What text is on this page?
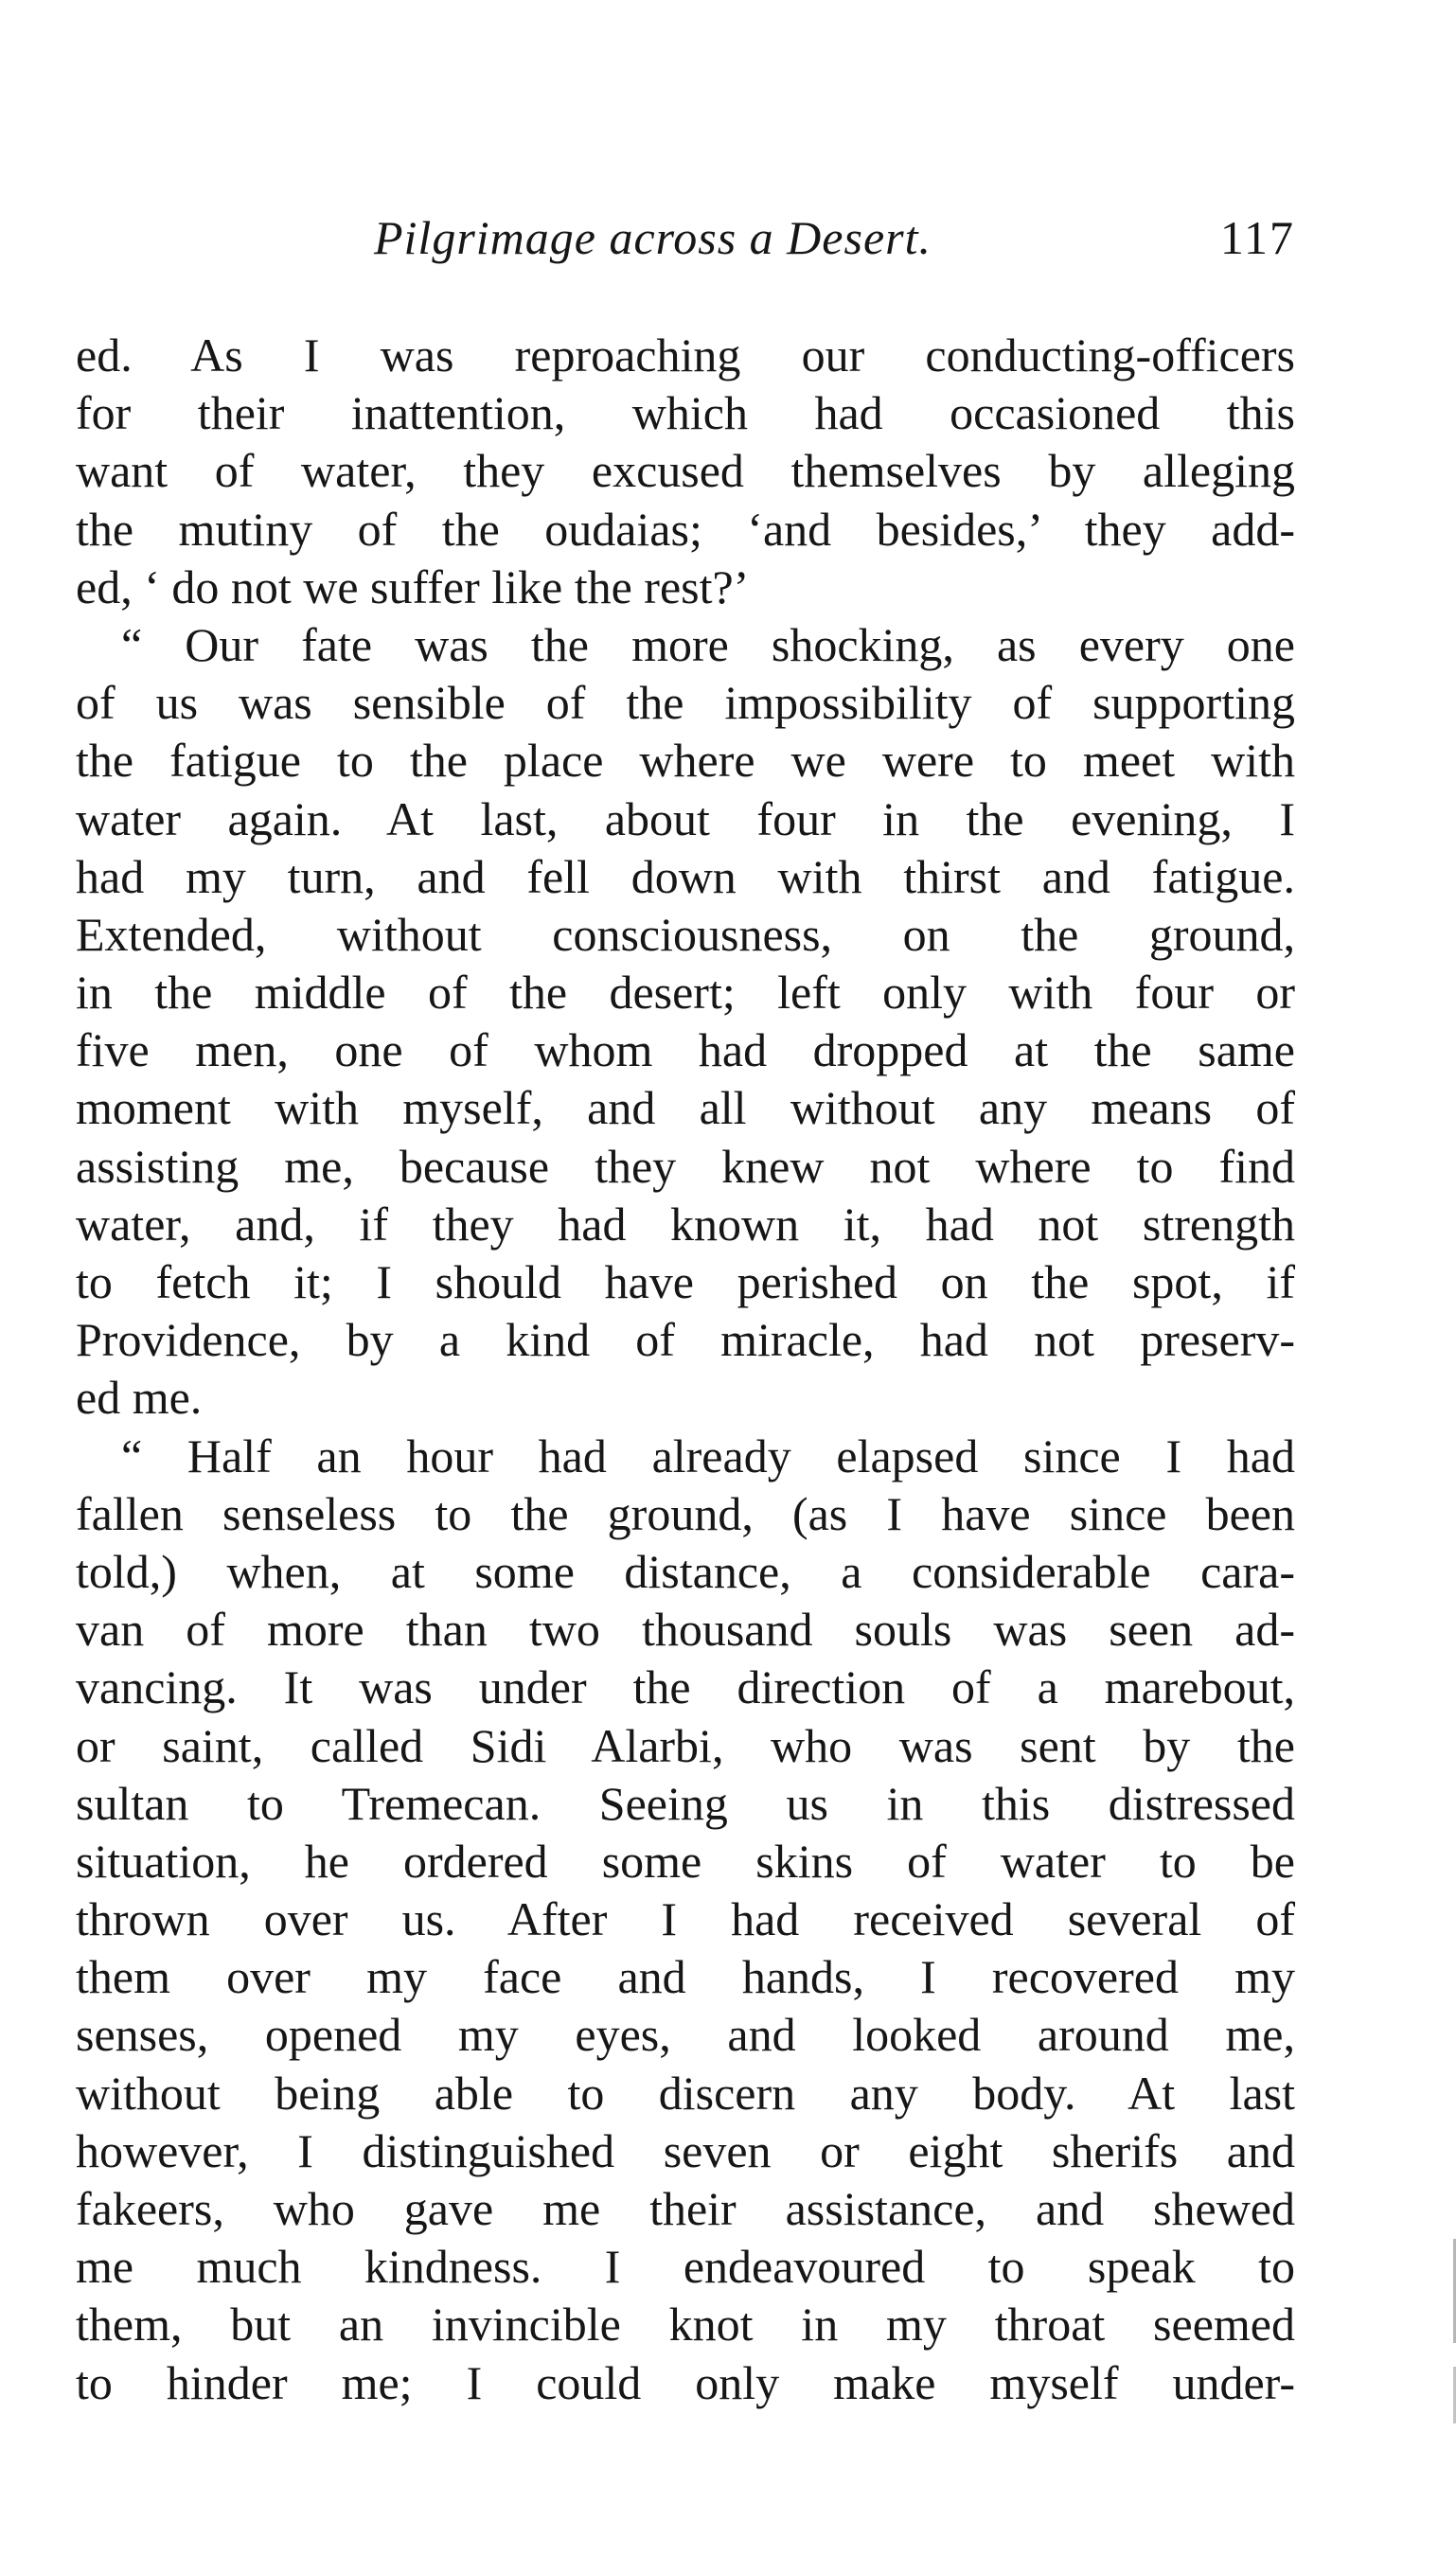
Pilgrimage across a Desert.	117
ed. As I was reproaching our conducting-officers
for their inattention, which had occasioned this
want of water, they excused themselves by alleging
the mutiny of the oudaias; ‘and besides,’ they add-
ed, ‘ do not we suffer like the rest?’
“ Our fate was the more shocking, as every one
of us was sensible of the impossibility of supporting
the fatigue to the place where we were to meet with
water again. At last, about four in the evening, I
had my turn, and fell down with thirst and fatigue.
Extended, without consciousness, on the ground,
in the middle of the desert; left only with four or
five men, one of whom had dropped at the same
moment with myself, and all without any means of
assisting me, because they knew not where to find
water, and, if they had known it, had not strength
to fetch it; I should have perished on the spot, if
Providence, by a kind of miracle, had not preserv-
ed me.
“ Half an hour had already elapsed since I had
fallen senseless to the ground, (as I have since been
told,) when, at some distance, a considerable cara-
van of more than two thousand souls was seen ad-
vancing. It was under the direction of a marebout,
or saint, called Sidi Alarbi, who was sent by the
sultan to Tremecan. Seeing us in this distressed
situation, he ordered some skins of water to be
thrown over us. After I had received several of
them over my face and hands, I recovered my
senses, opened my eyes, and looked around me,
without being able to discern any body. At last
however, I distinguished seven or eight sherifs and
fakeers, who gave me their assistance, and shewed
me much kindness. I endeavoured to speak to
them, but an invincible knot in my throat seemed
to hinder me; I could only make myself under-
